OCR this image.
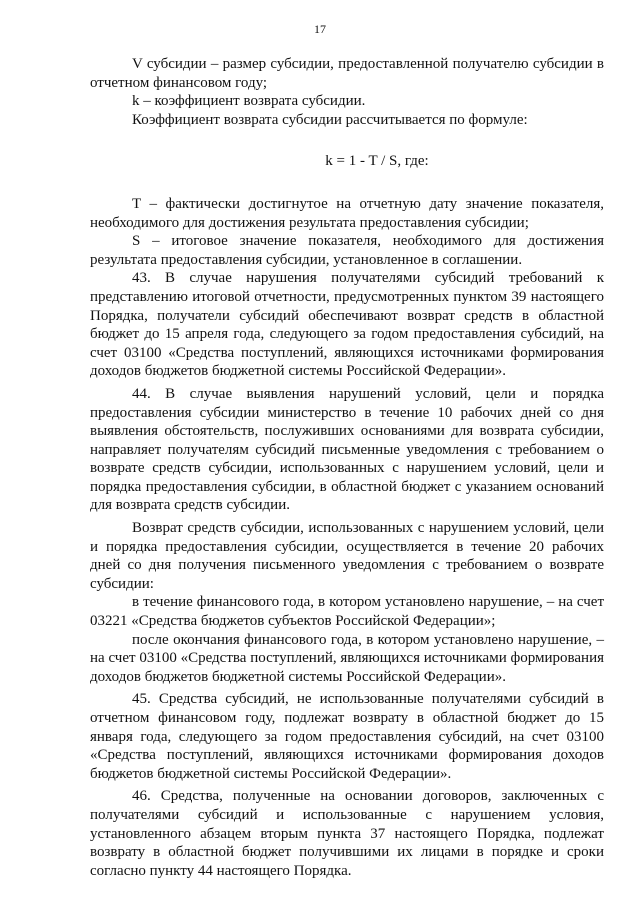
17

V субсидии – размер субсидии, предоставленной получателю субсидии в отчетном финансовом году;

k – коэффициент возврата субсидии.

Коэффициент возврата субсидии рассчитывается по формуле:

k = 1 - T / S, где:

T – фактически достигнутое на отчетную дату значение показателя, необходимого для достижения результата предоставления субсидии;

S – итоговое значение показателя, необходимого для достижения результата предоставления субсидии, установленное в соглашении.

43. В случае нарушения получателями субсидий требований к представлению итоговой отчетности, предусмотренных пунктом 39 настоящего Порядка, получатели субсидий обеспечивают возврат средств в областной бюджет до 15 апреля года, следующего за годом предоставления субсидий, на счет 03100 «Средства поступлений, являющихся источниками формирования доходов бюджетов бюджетной системы Российской Федерации».

44. В случае выявления нарушений условий, цели и порядка предоставления субсидии министерство в течение 10 рабочих дней со дня выявления обстоятельств, послуживших основаниями для возврата субсидии, направляет получателям субсидий письменные уведомления с требованием о возврате средств субсидии, использованных с нарушением условий, цели и порядка предоставления субсидии, в областной бюджет с указанием оснований для возврата средств субсидии.

Возврат средств субсидии, использованных с нарушением условий, цели и порядка предоставления субсидии, осуществляется в течение 20 рабочих дней со дня получения письменного уведомления с требованием о возврате субсидии:

в течение финансового года, в котором установлено нарушение, – на счет 03221 «Средства бюджетов субъектов Российской Федерации»;

после окончания финансового года, в котором установлено нарушение, – на счет 03100 «Средства поступлений, являющихся источниками формирования доходов бюджетов бюджетной системы Российской Федерации».

45. Средства субсидий, не использованные получателями субсидий в отчетном финансовом году, подлежат возврату в областной бюджет до 15 января года, следующего за годом предоставления субсидий, на счет 03100 «Средства поступлений, являющихся источниками формирования доходов бюджетов бюджетной системы Российской Федерации».

46. Средства, полученные на основании договоров, заключенных с получателями субсидий и использованные с нарушением условия, установленного абзацем вторым пункта 37 настоящего Порядка, подлежат возврату в областной бюджет получившими их лицами в порядке и сроки согласно пункту 44 настоящего Порядка.
